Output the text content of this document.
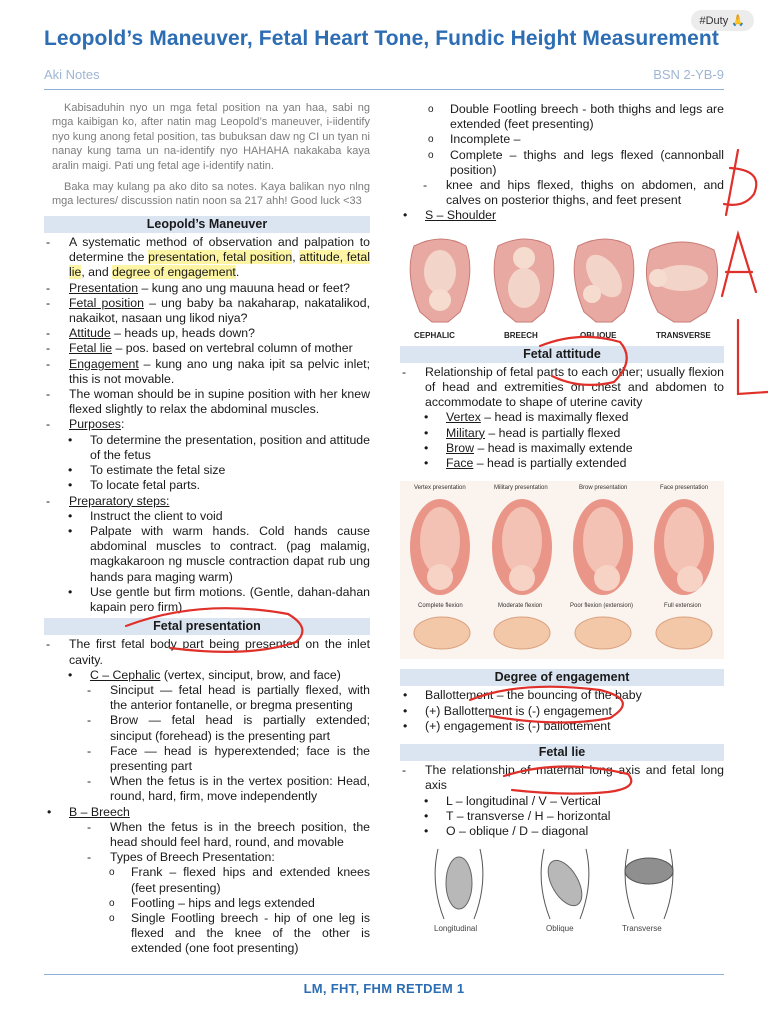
#Duty 🙏
Leopold’s Maneuver, Fetal Heart Tone, Fundic Height Measurement
Aki Notes	BSN 2-YB-9

Kabisaduhin nyo un mga fetal position na yan haa, sabi ng mga kaibigan ko, after natin mag Leopold’s maneuver, i-iidentify nyo kung anong fetal position, tas bubuksan daw ng CI un tyan ni nanay kung tama un na-identify nyo HAHAHA nakakaba kaya aralin maigi. Pati ung fetal age i-identify natin.

Baka may kulang pa ako dito sa notes. Kaya balikan nyo nlng mga lectures/ discussion natin noon sa 217 ahh! Good luck <33

Leopold’s Maneuver
- A systematic method of observation and palpation to determine the presentation, fetal position, attitude, fetal lie, and degree of engagement.
- Presentation – kung ano ung mauuna head or feet?
- Fetal position – ung baby ba nakaharap, nakatalikod, nakaikot, nasaan ung likod niya?
- Attitude – heads up, heads down?
- Fetal lie – pos. based on vertebral column of mother
- Engagement – kung ano ung naka ipit sa pelvic inlet; this is not movable.
- The woman should be in supine position with her knew flexed slightly to relax the abdominal muscles.
- Purposes:
• To determine the presentation, position and attitude of the fetus
• To estimate the fetal size
• To locate fetal parts.
- Preparatory steps:
• Instruct the client to void
• Palpate with warm hands. Cold hands cause abdominal muscles to contract. (pag malamig, magkakaroon ng muscle contraction dapat rub ung hands para maging warm)
• Use gentle but firm motions. (Gentle, dahan-dahan kapain pero firm)
Fetal presentation
- The first fetal body part being presented on the inlet cavity.
• C – Cephalic (vertex, sinciput, brow, and face)
- Sinciput — fetal head is partially flexed, with the anterior fontanelle, or bregma presenting
- Brow — fetal head is partially extended; sinciput (forehead) is the presenting part
- Face — head is hyperextended; face is the presenting part
- When the fetus is in the vertex position: Head, round, hard, firm, move independently
• B – Breech
- When the fetus is in the breech position, the head should feel hard, round, and movable
- Types of Breech Presentation:
o Frank – flexed hips and extended knees (feet presenting)
o Footling – hips and legs extended
o Single Footling breech - hip of one leg is flexed and the knee of the other is extended (one foot presenting)
o Double Footling breech - both thighs and legs are extended (feet presenting)
o Incomplete –
o Complete – thighs and legs flexed (cannonball position)
- knee and hips flexed, thighs on abdomen, and calves on posterior thighs, and feet present
• S – Shoulder
CEPHALIC	BREECH	OBLIQUE	TRANSVERSE
Fetal attitude
- Relationship of fetal parts to each other; usually flexion of head and extremities on chest and abdomen to accommodate to shape of uterine cavity
• Vertex – head is maximally flexed
• Military – head is partially flexed
• Brow – head is maximally extende
• Face – head is partially extended
Vertex presentation	Military presentation	Brow presentation	Face presentation
Complete flexion	Moderate flexion	Poor flexion (extension)	Full extension
Degree of engagement
• Ballottement – the bouncing of the baby
• (+) Ballottement is (-) engagement
• (+) engagement is (-) ballottement
Fetal lie
- The relationship of maternal long axis and fetal long axis
• L – longitudinal / V – Vertical
• T – transverse / H – horizontal
• O – oblique / D – diagonal
Longitudinal	Oblique	Transverse
LM, FHT, FHM RETDEM 1
